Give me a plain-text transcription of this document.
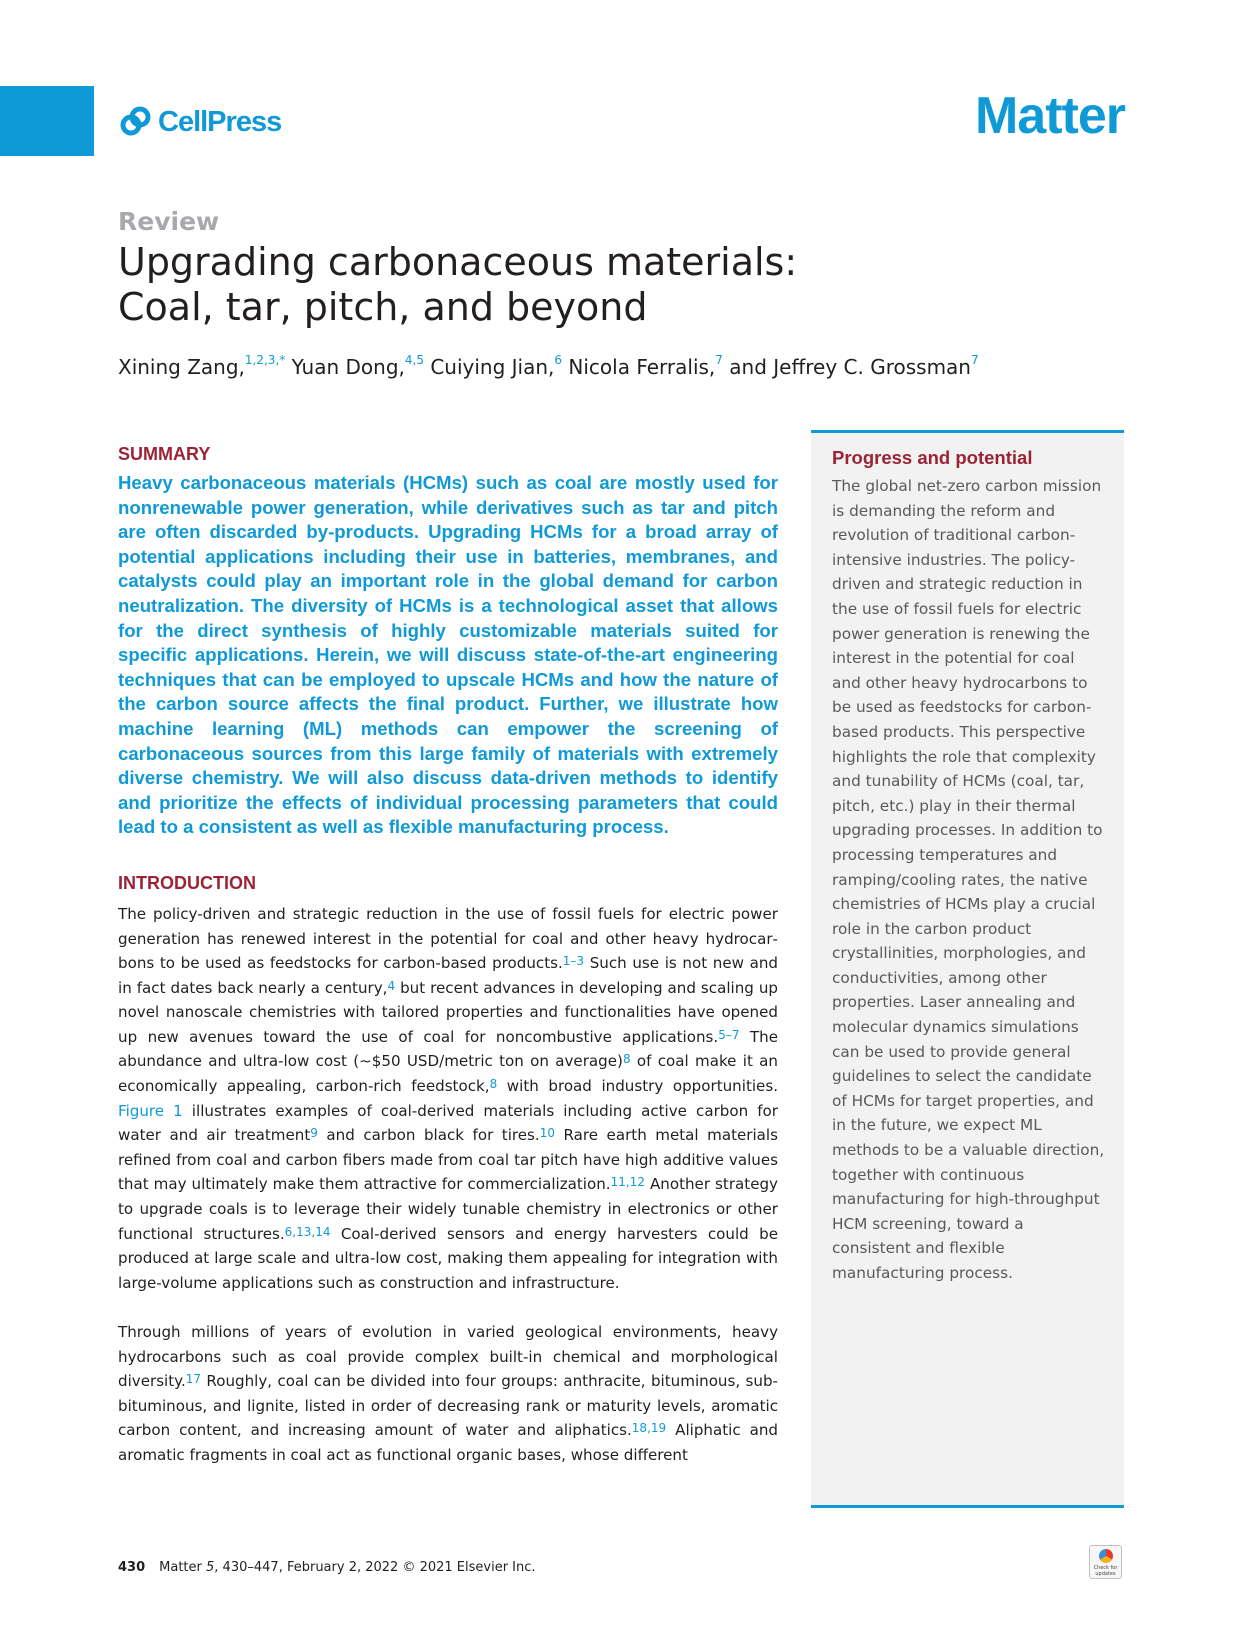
CellPress	Matter
Review
Upgrading carbonaceous materials:
Coal, tar, pitch, and beyond
Xining Zang,$^{1,2,3,*}$ Yuan Dong,$^{4,5}$ Cuiying Jian,$^6$ Nicola Ferralis,$^7$ and Jeffrey C. Grossman$^7$
SUMMARY

Heavy carbonaceous materials (HCMs) such as coal are mostly used for nonrenewable power generation, while derivatives such as tar and pitch are often discarded by-products. Upgrading HCMs for a broad array of potential applications including their use in batteries, membranes, and catalysts could play an important role in the global demand for carbon neutralization. The diversity of HCMs is a technological asset that allows for the direct synthesis of highly customizable materials suited for specific applications. Herein, we will discuss state-of-the-art engineering techniques that can be employed to upscale HCMs and how the nature of the carbon source affects the final product. Further, we illustrate how machine learning (ML) methods can empower the screening of carbonaceous sources from this large family of materials with extremely diverse chemistry. We will also discuss data-driven methods to identify and prioritize the effects of individual processing parameters that could lead to a consistent as well as flexible manufacturing process.

INTRODUCTION

The policy-driven and strategic reduction in the use of fossil fuels for electric power generation has renewed interest in the potential for coal and other heavy hydrocarbons to be used as feedstocks for carbon-based products.$^{1-3}$ Such use is not new and in fact dates back nearly a century,$^4$ but recent advances in developing and scaling up novel nanoscale chemistries with tailored properties and functionalities have opened up new avenues toward the use of coal for noncombustive applications.$^{5-7}$ The abundance and ultra-low cost (∼$50 USD/metric ton on average)$^8$ of coal make it an economically appealing, carbon-rich feedstock,$^8$ with broad industry opportunities. Figure 1 illustrates examples of coal-derived materials including active carbon for water and air treatment$^9$ and carbon black for tires.$^{10}$ Rare earth metal materials refined from coal and carbon fibers made from coal tar pitch have high additive values that may ultimately make them attractive for commercialization.$^{11,12}$ Another strategy to upgrade coals is to leverage their widely tunable chemistry in electronics or other functional structures.$^{6,13,14}$ Coal-derived sensors and energy harvesters could be produced at large scale and ultra-low cost, making them appealing for integration with large-volume applications such as construction and infrastructure.

Through millions of years of evolution in varied geological environments, heavy hydrocarbons such as coal provide complex built-in chemical and morphological diversity.$^{17}$ Roughly, coal can be divided into four groups: anthracite, bituminous, sub-bituminous, and lignite, listed in order of decreasing rank or maturity levels, aromatic carbon content, and increasing amount of water and aliphatics.$^{18,19}$ Aliphatic and aromatic fragments in coal act as functional organic bases, whose different

Progress and potential

The global net-zero carbon mission is demanding the reform and revolution of traditional carbon-intensive industries. The policy-driven and strategic reduction in the use of fossil fuels for electric power generation is renewing the interest in the potential for coal and other heavy hydrocarbons to be used as feedstocks for carbon-based products. This perspective highlights the role that complexity and tunability of HCMs (coal, tar, pitch, etc.) play in their thermal upgrading processes. In addition to processing temperatures and ramping/cooling rates, the native chemistries of HCMs play a crucial role in the carbon product crystallinities, morphologies, and conductivities, among other properties. Laser annealing and molecular dynamics simulations can be used to provide general guidelines to select the candidate of HCMs for target properties, and in the future, we expect ML methods to be a valuable direction, together with continuous manufacturing for high-throughput HCM screening, toward a consistent and flexible manufacturing process.

430 Matter 5, 430–447, February 2, 2022 © 2021 Elsevier Inc.	Check for updates
